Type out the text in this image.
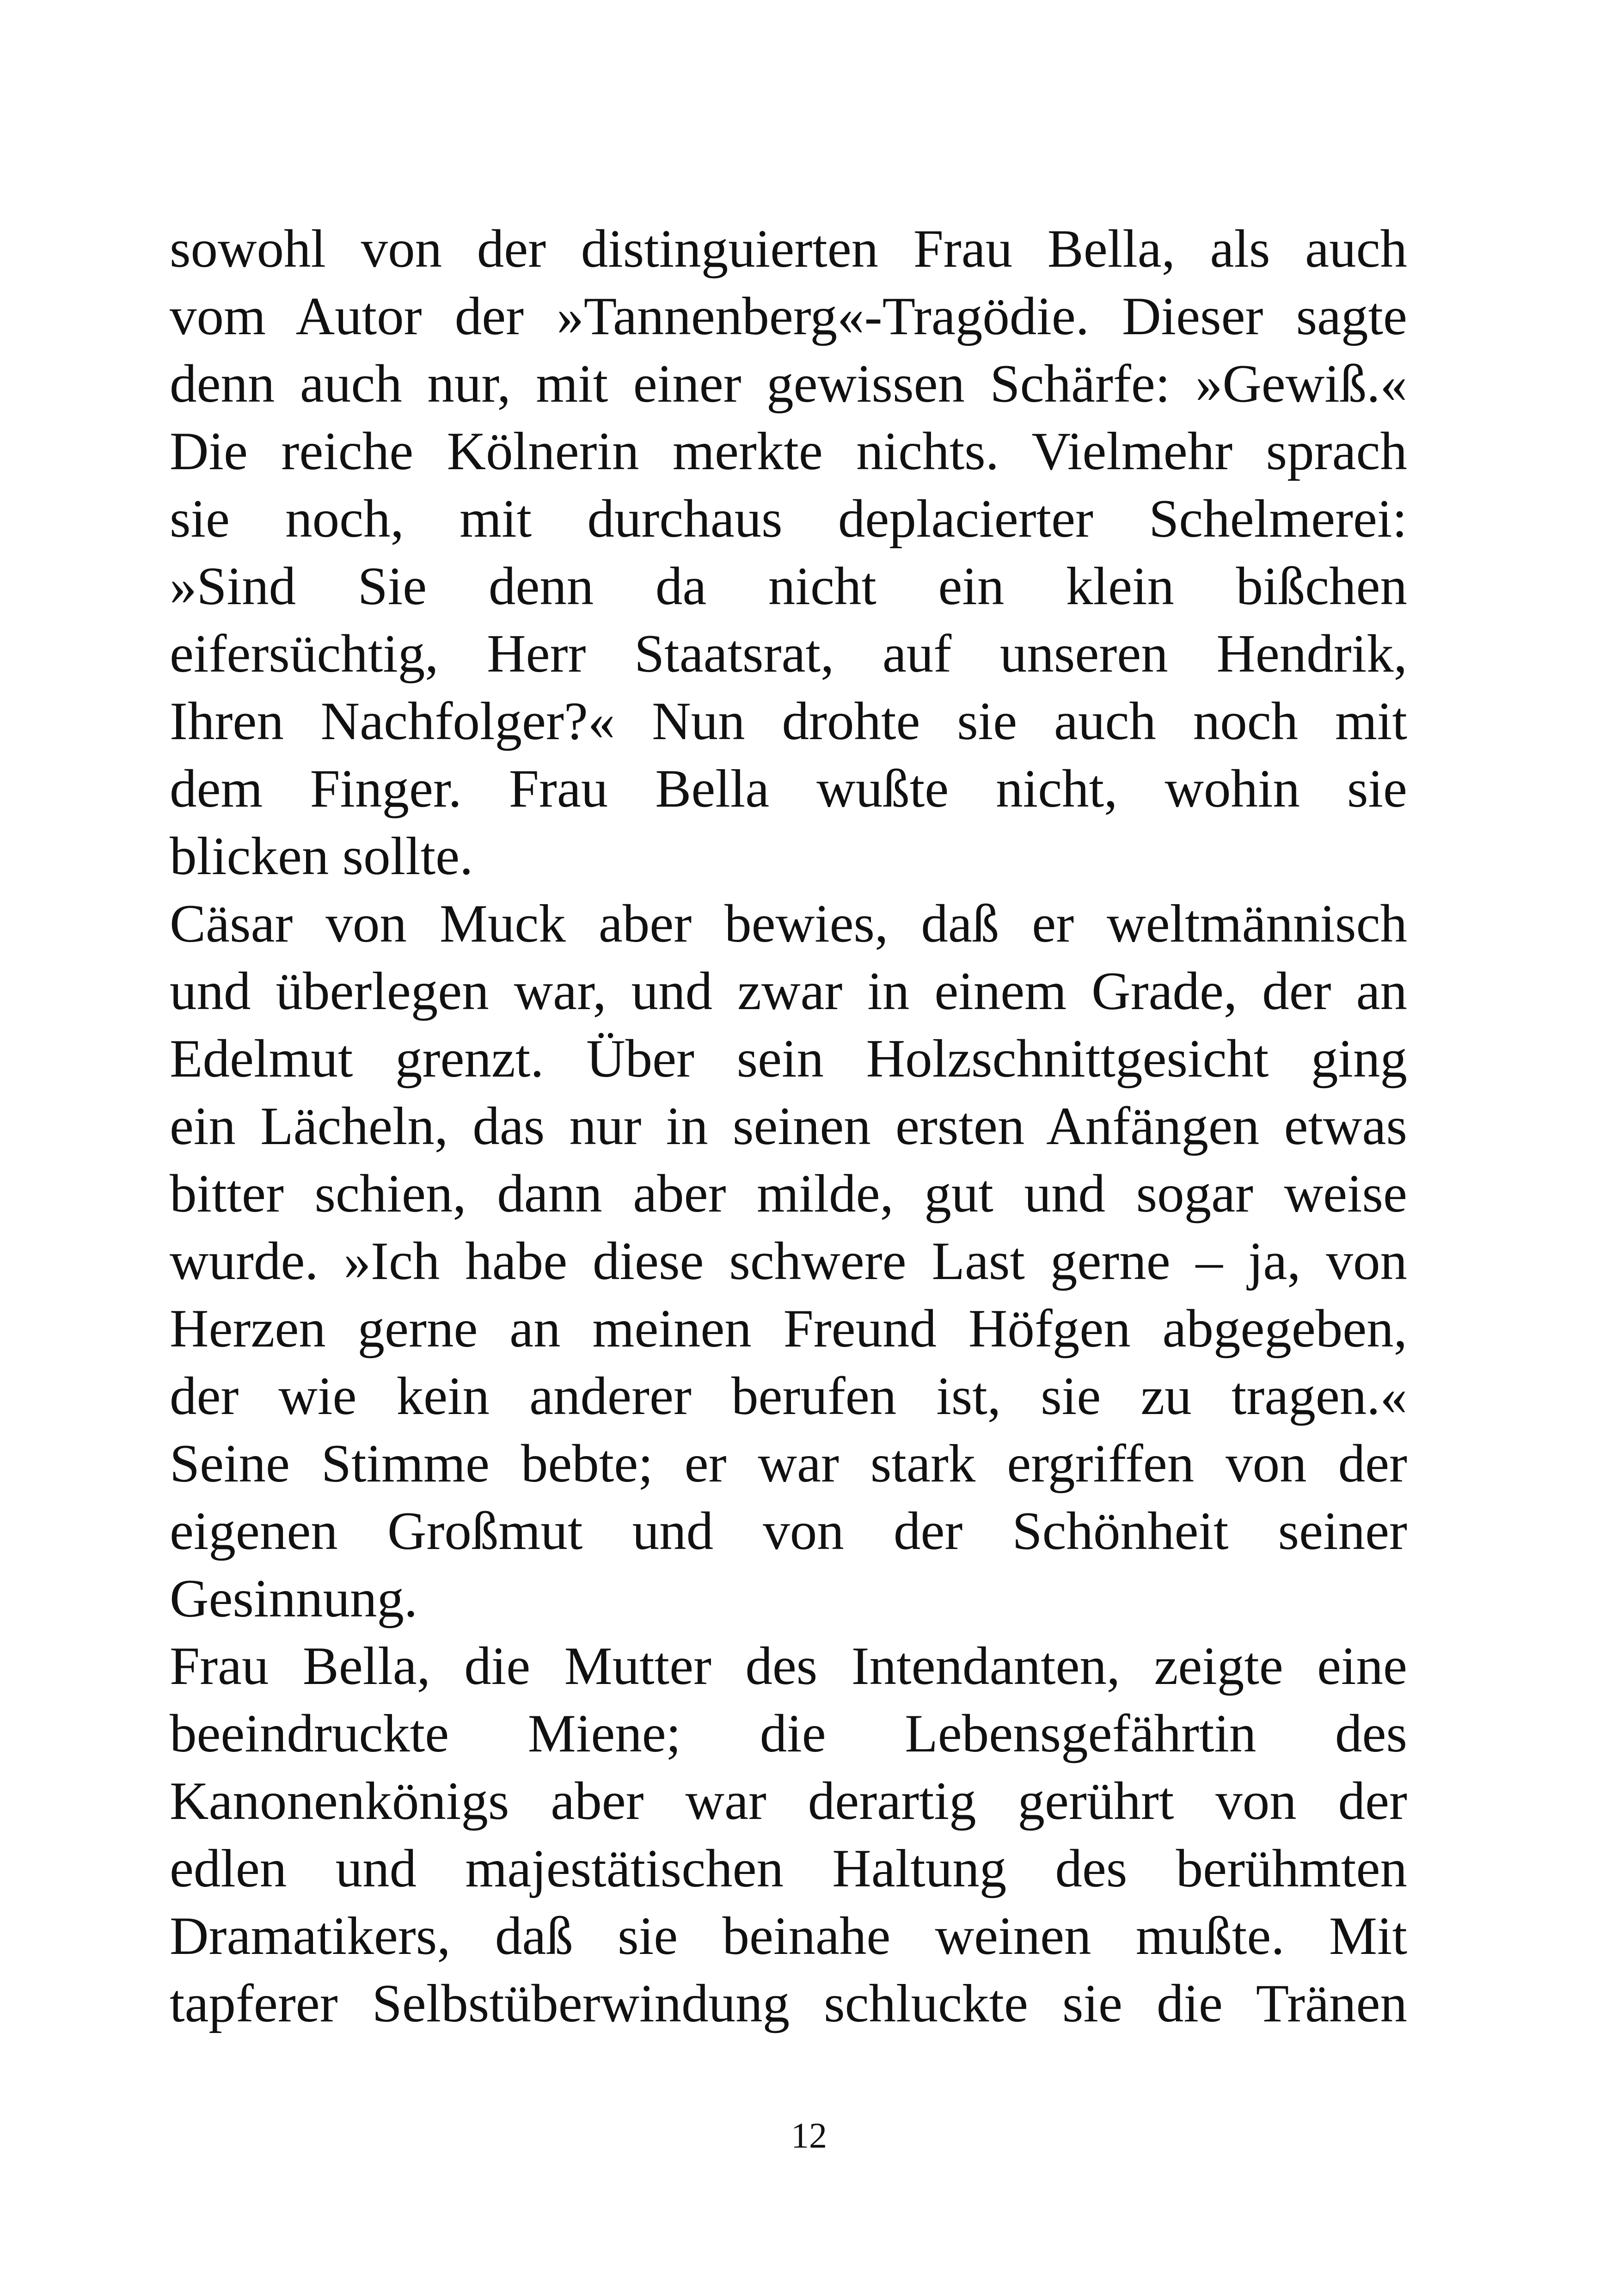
sowohl von der distinguierten Frau Bella, als auch
vom Autor der »Tannenberg«-Tragödie. Dieser sagte
denn auch nur, mit einer gewissen Schärfe: »Gewiß.«
Die reiche Kölnerin merkte nichts. Vielmehr sprach
sie noch, mit durchaus deplacierter Schelmerei:
»Sind Sie denn da nicht ein klein bißchen
eifersüchtig, Herr Staatsrat, auf unseren Hendrik,
Ihren Nachfolger?« Nun drohte sie auch noch mit
dem Finger. Frau Bella wußte nicht, wohin sie
blicken sollte.
Cäsar von Muck aber bewies, daß er weltmännisch
und überlegen war, und zwar in einem Grade, der an
Edelmut grenzt. Über sein Holzschnittgesicht ging
ein Lächeln, das nur in seinen ersten Anfängen etwas
bitter schien, dann aber milde, gut und sogar weise
wurde. »Ich habe diese schwere Last gerne – ja, von
Herzen gerne an meinen Freund Höfgen abgegeben,
der wie kein anderer berufen ist, sie zu tragen.«
Seine Stimme bebte; er war stark ergriffen von der
eigenen Großmut und von der Schönheit seiner
Gesinnung.
Frau Bella, die Mutter des Intendanten, zeigte eine
beeindruckte Miene; die Lebensgefährtin des
Kanonenkönigs aber war derartig gerührt von der
edlen und majestätischen Haltung des berühmten
Dramatikers, daß sie beinahe weinen mußte. Mit
tapferer Selbstüberwindung schluckte sie die Tränen
12
